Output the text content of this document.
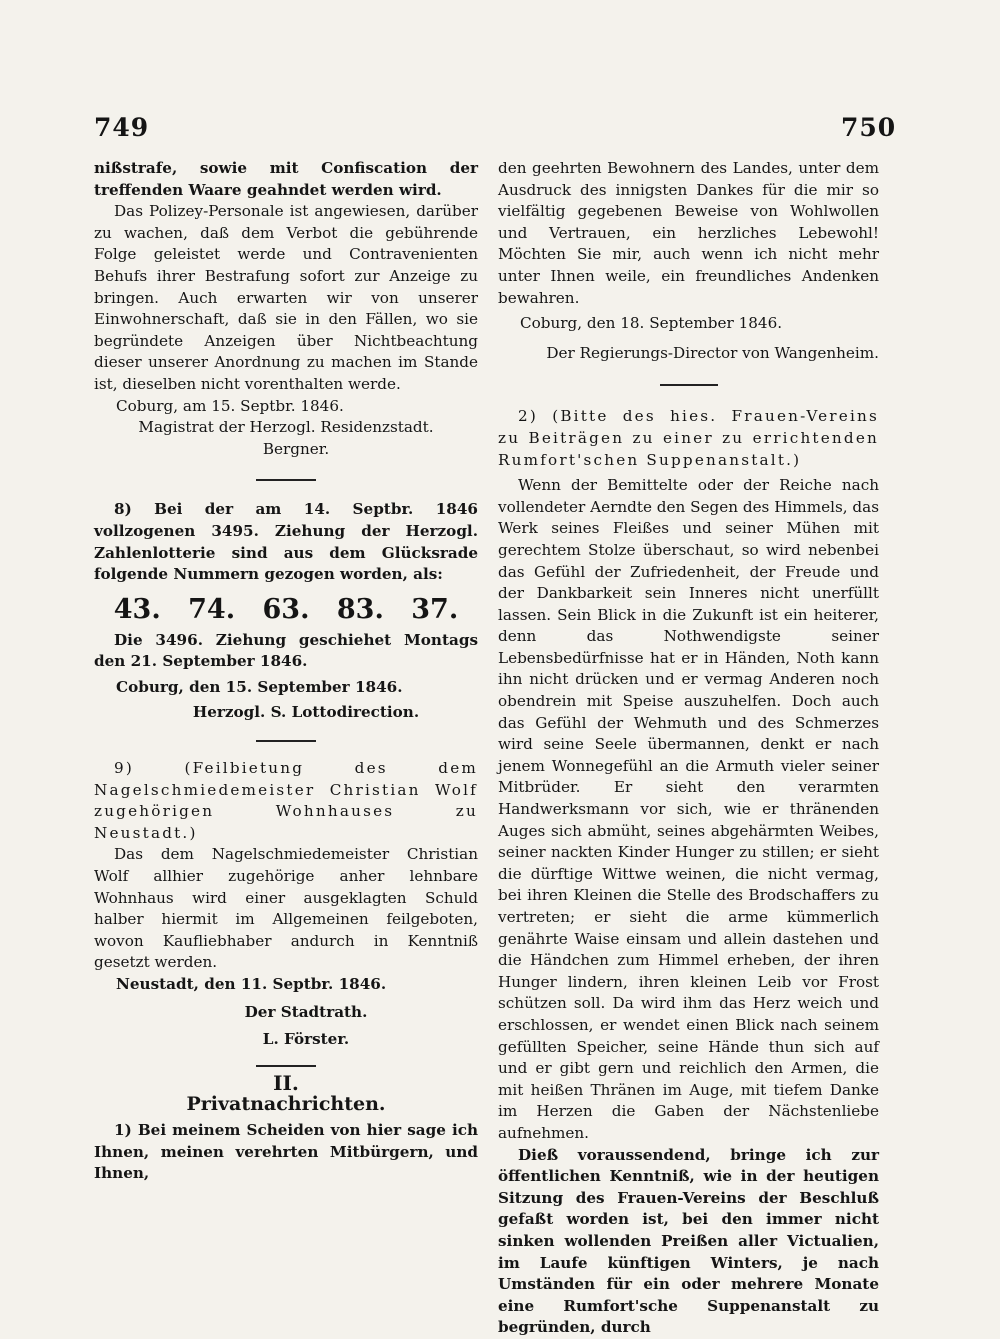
749	750

nißstrafe, sowie mit Confiscation der treffenden Waare geahndet werden wird.

Das Polizey-Personale ist angewiesen, darüber zu wachen, daß dem Verbot die gebührende Folge geleistet werde und Contravenienten Behufs ihrer Bestrafung sofort zur Anzeige zu bringen. Auch erwarten wir von unserer Einwohnerschaft, daß sie in den Fällen, wo sie begründete Anzeigen über Nichtbeachtung dieser unserer Anordnung zu machen im Stande ist, dieselben nicht vorenthalten werde.

Coburg, am 15. Septbr. 1846.

Magistrat der Herzogl. Residenzstadt.

Bergner.

8) Bei der am 14. Septbr. 1846 vollzogenen 3495. Ziehung der Herzogl. Zahlenlotterie sind aus dem Glücksrade folgende Nummern gezogen worden, als:

43. 74. 63. 83. 37.

Die 3496. Ziehung geschiehet Montags den 21. September 1846.

Coburg, den 15. September 1846.

Herzogl. S. Lottodirection.

9) (Feilbietung des dem Nagelschmiedemeister Christian Wolf zugehörigen Wohnhauses zu Neustadt.)

Das dem Nagelschmiedemeister Christian Wolf allhier zugehörige anher lehnbare Wohnhaus wird einer ausgeklagten Schuld halber hiermit im Allgemeinen feilgeboten, wovon Kaufliebhaber andurch in Kenntniß gesetzt werden.

Neustadt, den 11. Septbr. 1846.

Der Stadtrath.

L. Förster.

II.

Privatnachrichten.

1) Bei meinem Scheiden von hier sage ich Ihnen, meinen verehrten Mitbürgern, und Ihnen,

den geehrten Bewohnern des Landes, unter dem Ausdruck des innigsten Dankes für die mir so vielfältig gegebenen Beweise von Wohlwollen und Vertrauen, ein herzliches Lebewohl! Möchten Sie mir, auch wenn ich nicht mehr unter Ihnen weile, ein freundliches Andenken bewahren.

Coburg, den 18. September 1846.

Der Regierungs-Director von Wangenheim.

2) (Bitte des hies. Frauen-Vereins zu Beiträgen zu einer zu errichtenden Rumfort'schen Suppenanstalt.)

Wenn der Bemittelte oder der Reiche nach vollendeter Aerndte den Segen des Himmels, das Werk seines Fleißes und seiner Mühen mit gerechtem Stolze überschaut, so wird nebenbei das Gefühl der Zufriedenheit, der Freude und der Dankbarkeit sein Inneres nicht unerfüllt lassen. Sein Blick in die Zukunft ist ein heiterer, denn das Nothwendigste seiner Lebensbedürfnisse hat er in Händen, Noth kann ihn nicht drücken und er vermag Anderen noch obendrein mit Speise auszuhelfen. Doch auch das Gefühl der Wehmuth und des Schmerzes wird seine Seele übermannen, denkt er nach jenem Wonnegefühl an die Armuth vieler seiner Mitbrüder. Er sieht den verarmten Handwerksmann vor sich, wie er thränenden Auges sich abmüht, seines abgehärmten Weibes, seiner nackten Kinder Hunger zu stillen; er sieht die dürftige Wittwe weinen, die nicht vermag, bei ihren Kleinen die Stelle des Brodschaffers zu vertreten; er sieht die arme kümmerlich genährte Waise einsam und allein dastehen und die Händchen zum Himmel erheben, der ihren Hunger lindern, ihren kleinen Leib vor Frost schützen soll. Da wird ihm das Herz weich und erschlossen, er wendet einen Blick nach seinem gefüllten Speicher, seine Hände thun sich auf und er gibt gern und reichlich den Armen, die mit heißen Thränen im Auge, mit tiefem Danke im Herzen die Gaben der Nächstenliebe aufnehmen.

Dieß voraussendend, bringe ich zur öffentlichen Kenntniß, wie in der heutigen Sitzung des Frauen-Vereins der Beschluß gefaßt worden ist, bei den immer nicht sinken wollenden Preißen aller Victualien, im Laufe künftigen Winters, je nach Umständen für ein oder mehrere Monate eine Rumfort'sche Suppenanstalt zu begründen, durch
